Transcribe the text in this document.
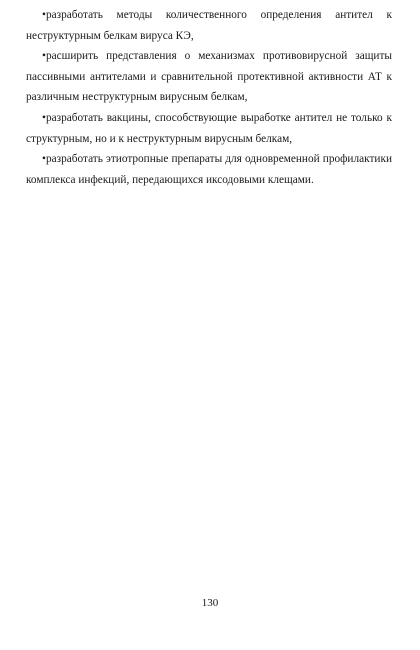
•разработать методы количественного определения антител к неструктурным белкам вируса КЭ,

•расширить представления о механизмах противовирусной защиты пассивными антителами и сравнительной протективной активности АТ к различным неструктурным вирусным белкам,

•разработать вакцины, способствующие выработке антител не только к структурным, но и к неструктурным вирусным белкам,

•разработать этиотропные препараты для одновременной профилактики комплекса инфекций, передающихся иксодовыми клещами.

130
